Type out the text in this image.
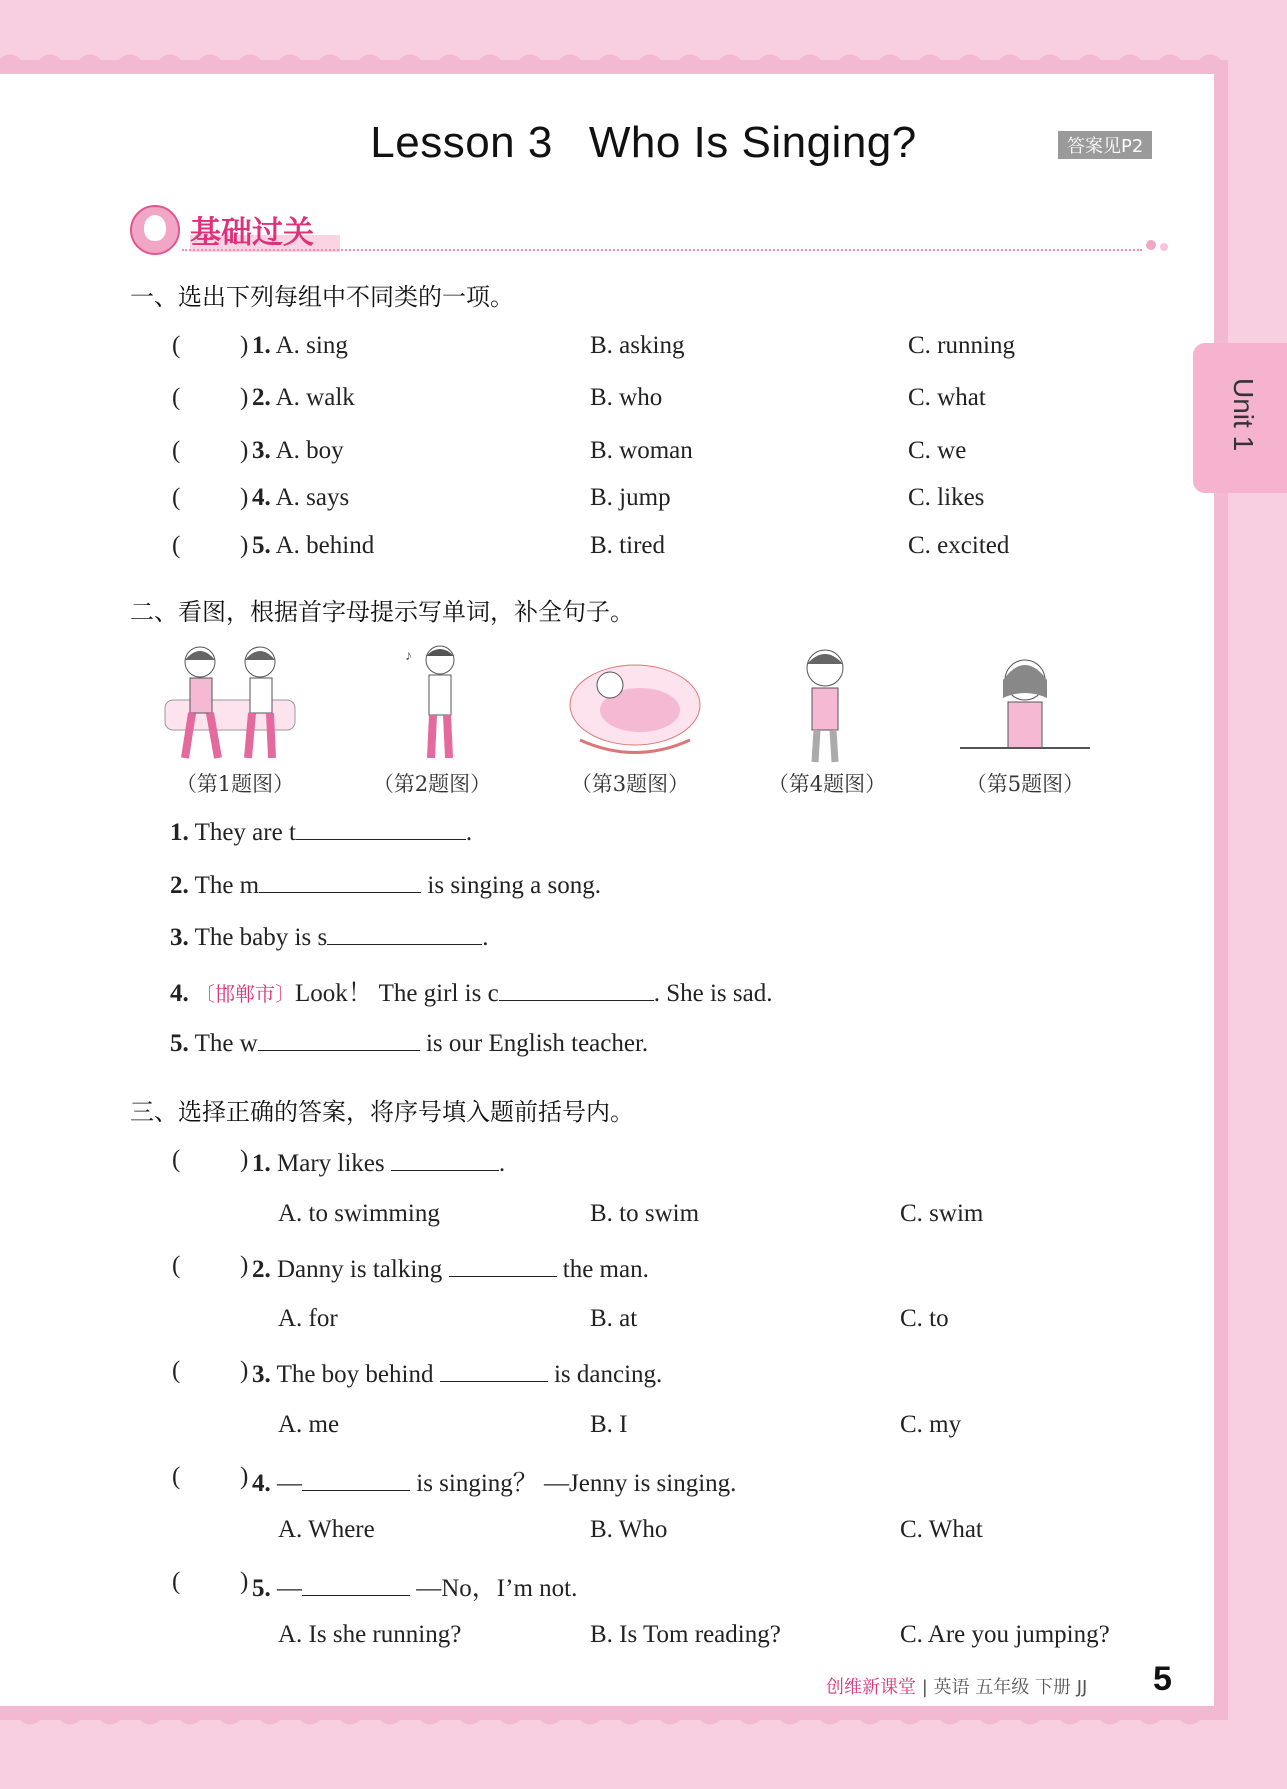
Lesson 3 Who Is Singing?	答案见P2
Unit 1
基础过关
一、选出下列每组中不同类的一项。
( ) 1. A. sing	B. asking	C. running
( ) 2. A. walk	B. who	C. what
( ) 3. A. boy	B. woman	C. we
( ) 4. A. says	B. jump	C. likes
( ) 5. A. behind	B. tired	C. excited
二、看图，根据首字母提示写单词，补全句子。
♪
（第1题图）	（第2题图）	（第3题图）	（第4题图）	（第5题图）
1. They are t	.
2. The m	is singing a song.
3. The baby is s	.
4. 〔邯郸市〕Look！ The girl is c	. She is sad.
5. The w	is our English teacher.
三、选择正确的答案，将序号填入题前括号内。
( ) 1. Mary likes	.
A. to swimming	B. to swim	C. swim
( ) 2. Danny is talking	the man.
A. for	B. at	C. to
( ) 3. The boy behind	is dancing.
A. me	B. I	C. my
( ) 4. —	is singing？ —Jenny is singing.
A. Where	B. Who	C. What
( ) 5. —	—No，I’m not.
A. Is she running?	B. Is Tom reading?	C. Are you jumping?
创维新课堂 | 英语 五年级 下册 JJ 5
